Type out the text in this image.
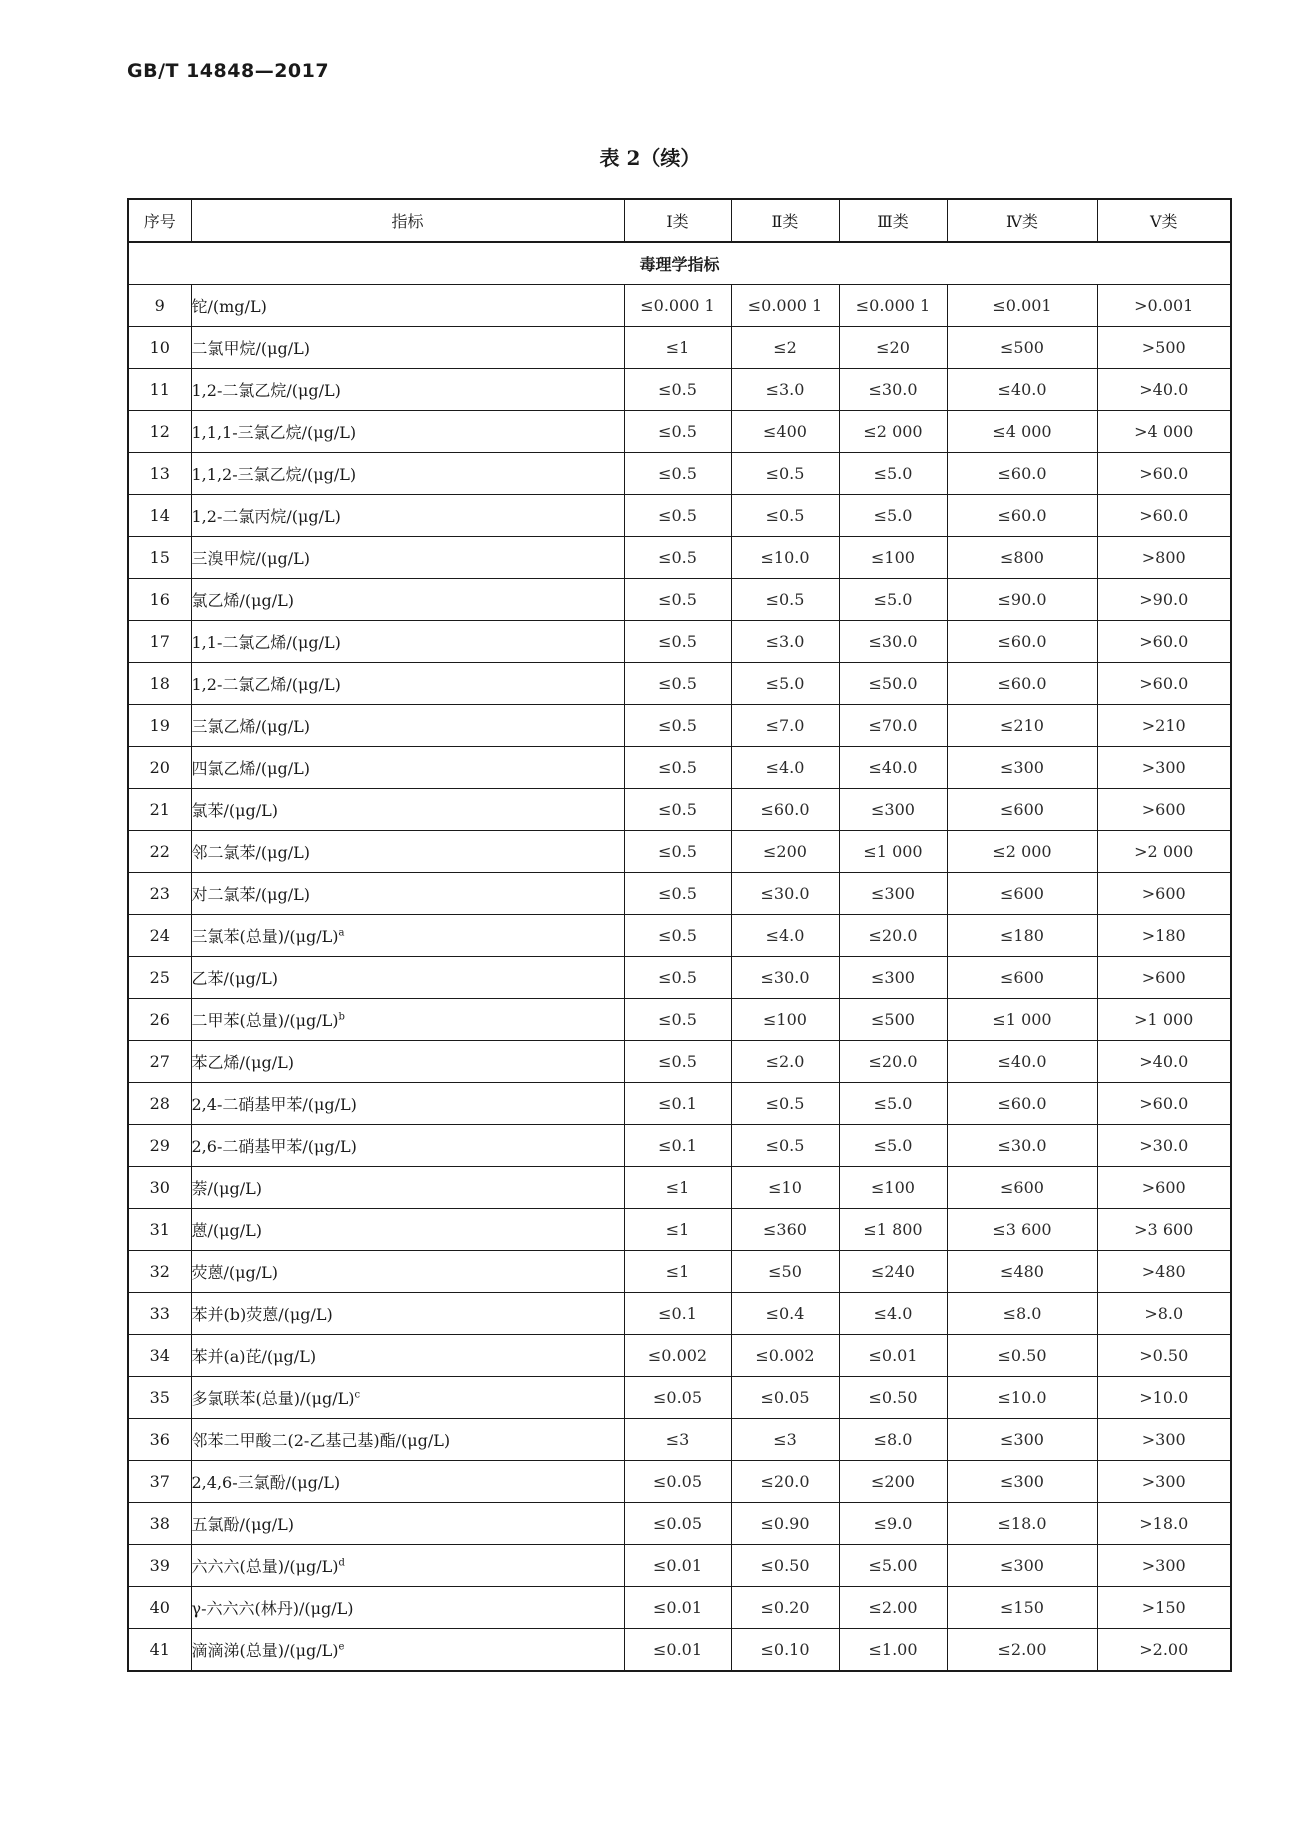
GB/T 14848—2017
表 2（续）
序号	指标	Ⅰ类	Ⅱ类	Ⅲ类	Ⅳ类	Ⅴ类
毒理学指标						
9	铊/(mg/L)	≤0.000 1	≤0.000 1	≤0.000 1	≤0.001	>0.001
10	二氯甲烷/(μg/L)	≤1	≤2	≤20	≤500	>500
11	1,2-二氯乙烷/(μg/L)	≤0.5	≤3.0	≤30.0	≤40.0	>40.0
12	1,1,1-三氯乙烷/(μg/L)	≤0.5	≤400	≤2 000	≤4 000	>4 000
13	1,1,2-三氯乙烷/(μg/L)	≤0.5	≤0.5	≤5.0	≤60.0	>60.0
14	1,2-二氯丙烷/(μg/L)	≤0.5	≤0.5	≤5.0	≤60.0	>60.0
15	三溴甲烷/(μg/L)	≤0.5	≤10.0	≤100	≤800	>800
16	氯乙烯/(μg/L)	≤0.5	≤0.5	≤5.0	≤90.0	>90.0
17	1,1-二氯乙烯/(μg/L)	≤0.5	≤3.0	≤30.0	≤60.0	>60.0
18	1,2-二氯乙烯/(μg/L)	≤0.5	≤5.0	≤50.0	≤60.0	>60.0
19	三氯乙烯/(μg/L)	≤0.5	≤7.0	≤70.0	≤210	>210
20	四氯乙烯/(μg/L)	≤0.5	≤4.0	≤40.0	≤300	>300
21	氯苯/(μg/L)	≤0.5	≤60.0	≤300	≤600	>600
22	邻二氯苯/(μg/L)	≤0.5	≤200	≤1 000	≤2 000	>2 000
23	对二氯苯/(μg/L)	≤0.5	≤30.0	≤300	≤600	>600
24	三氯苯(总量)/(μg/L)$^a$	≤0.5	≤4.0	≤20.0	≤180	>180
25	乙苯/(μg/L)	≤0.5	≤30.0	≤300	≤600	>600
26	二甲苯(总量)/(μg/L)$^b$	≤0.5	≤100	≤500	≤1 000	>1 000
27	苯乙烯/(μg/L)	≤0.5	≤2.0	≤20.0	≤40.0	>40.0
28	2,4-二硝基甲苯/(μg/L)	≤0.1	≤0.5	≤5.0	≤60.0	>60.0
29	2,6-二硝基甲苯/(μg/L)	≤0.1	≤0.5	≤5.0	≤30.0	>30.0
30	萘/(μg/L)	≤1	≤10	≤100	≤600	>600
31	蒽/(μg/L)	≤1	≤360	≤1 800	≤3 600	>3 600
32	荧蒽/(μg/L)	≤1	≤50	≤240	≤480	>480
33	苯并(b)荧蒽/(μg/L)	≤0.1	≤0.4	≤4.0	≤8.0	>8.0
34	苯并(a)芘/(μg/L)	≤0.002	≤0.002	≤0.01	≤0.50	>0.50
35	多氯联苯(总量)/(μg/L)$^c$	≤0.05	≤0.05	≤0.50	≤10.0	>10.0
36	邻苯二甲酸二(2-乙基己基)酯/(μg/L)	≤3	≤3	≤8.0	≤300	>300
37	2,4,6-三氯酚/(μg/L)	≤0.05	≤20.0	≤200	≤300	>300
38	五氯酚/(μg/L)	≤0.05	≤0.90	≤9.0	≤18.0	>18.0
39	六六六(总量)/(μg/L)$^d$	≤0.01	≤0.50	≤5.00	≤300	>300
40	γ-六六六(林丹)/(μg/L)	≤0.01	≤0.20	≤2.00	≤150	>150
41	滴滴涕(总量)/(μg/L)$^e$	≤0.01	≤0.10	≤1.00	≤2.00	>2.00
